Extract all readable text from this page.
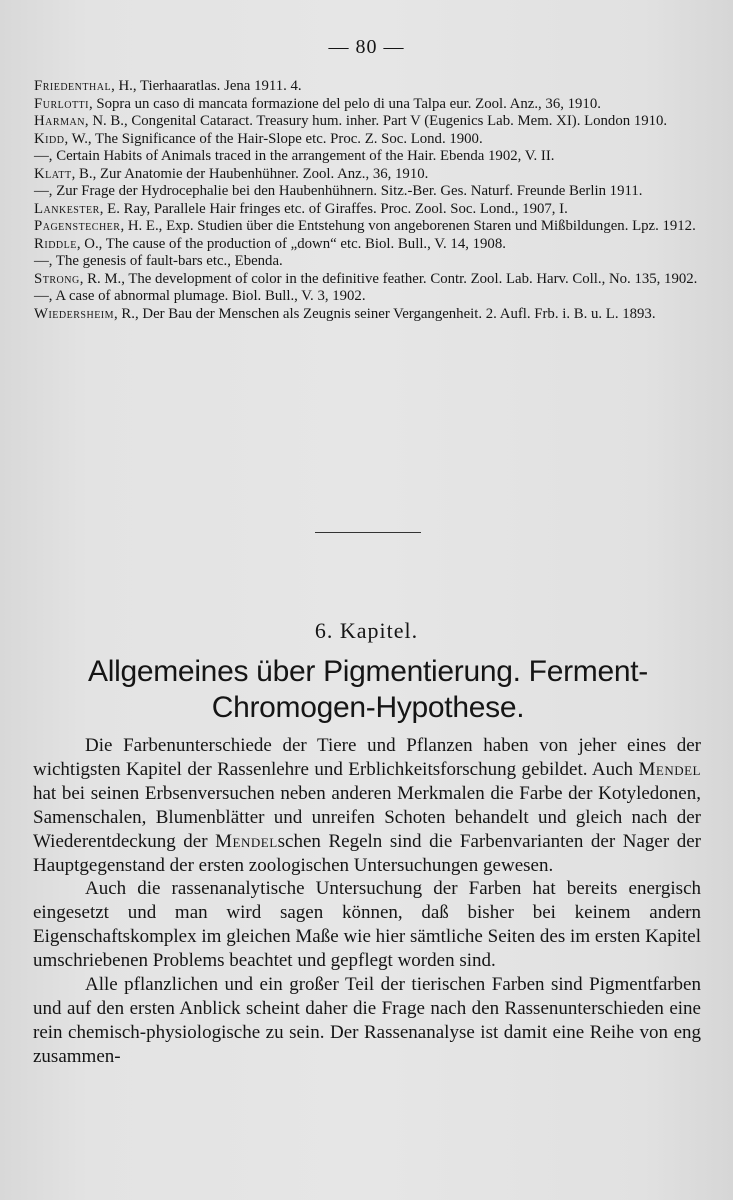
— 80 —

Friedenthal, H., Tierhaaratlas. Jena 1911. 4.

Furlotti, Sopra un caso di mancata formazione del pelo di una Talpa eur. Zool. Anz., 36, 1910.

Harman, N. B., Congenital Cataract. Treasury hum. inher. Part V (Eugenics Lab. Mem. XI). London 1910.

Kidd, W., The Significance of the Hair-Slope etc. Proc. Z. Soc. Lond. 1900.

—, Certain Habits of Animals traced in the arrangement of the Hair. Ebenda 1902, V. II.

Klatt, B., Zur Anatomie der Haubenhühner. Zool. Anz., 36, 1910.

—, Zur Frage der Hydrocephalie bei den Haubenhühnern. Sitz.-Ber. Ges. Naturf. Freunde Berlin 1911.

Lankester, E. Ray, Parallele Hair fringes etc. of Giraffes. Proc. Zool. Soc. Lond., 1907, I.

Pagenstecher, H. E., Exp. Studien über die Entstehung von angeborenen Staren und Mißbildungen. Lpz. 1912.

Riddle, O., The cause of the production of „down“ etc. Biol. Bull., V. 14, 1908.

—, The genesis of fault-bars etc., Ebenda.

Strong, R. M., The development of color in the definitive feather. Contr. Zool. Lab. Harv. Coll., No. 135, 1902.

—, A case of abnormal plumage. Biol. Bull., V. 3, 1902.

Wiedersheim, R., Der Bau der Menschen als Zeugnis seiner Vergangenheit. 2. Aufl. Frb. i. B. u. L. 1893.

6. Kapitel.
Allgemeines über Pigmentierung. Ferment-Chromogen-Hypothese.

Die Farbenunterschiede der Tiere und Pflanzen haben von jeher eines der wichtigsten Kapitel der Rassenlehre und Erblichkeitsforschung gebildet. Auch Mendel hat bei seinen Erbsenversuchen neben anderen Merkmalen die Farbe der Kotyledonen, Samenschalen, Blumenblätter und unreifen Schoten behandelt und gleich nach der Wiederentdeckung der Mendelschen Regeln sind die Farbenvarianten der Nager der Hauptgegenstand der ersten zoologischen Untersuchungen gewesen.

Auch die rassenanalytische Untersuchung der Farben hat bereits energisch eingesetzt und man wird sagen können, daß bisher bei keinem andern Eigenschaftskomplex im gleichen Maße wie hier sämtliche Seiten des im ersten Kapitel umschriebenen Problems beachtet und gepflegt worden sind.

Alle pflanzlichen und ein großer Teil der tierischen Farben sind Pigmentfarben und auf den ersten Anblick scheint daher die Frage nach den Rassenunterschieden eine rein chemisch-physiologische zu sein. Der Rassenanalyse ist damit eine Reihe von eng zusammen-
